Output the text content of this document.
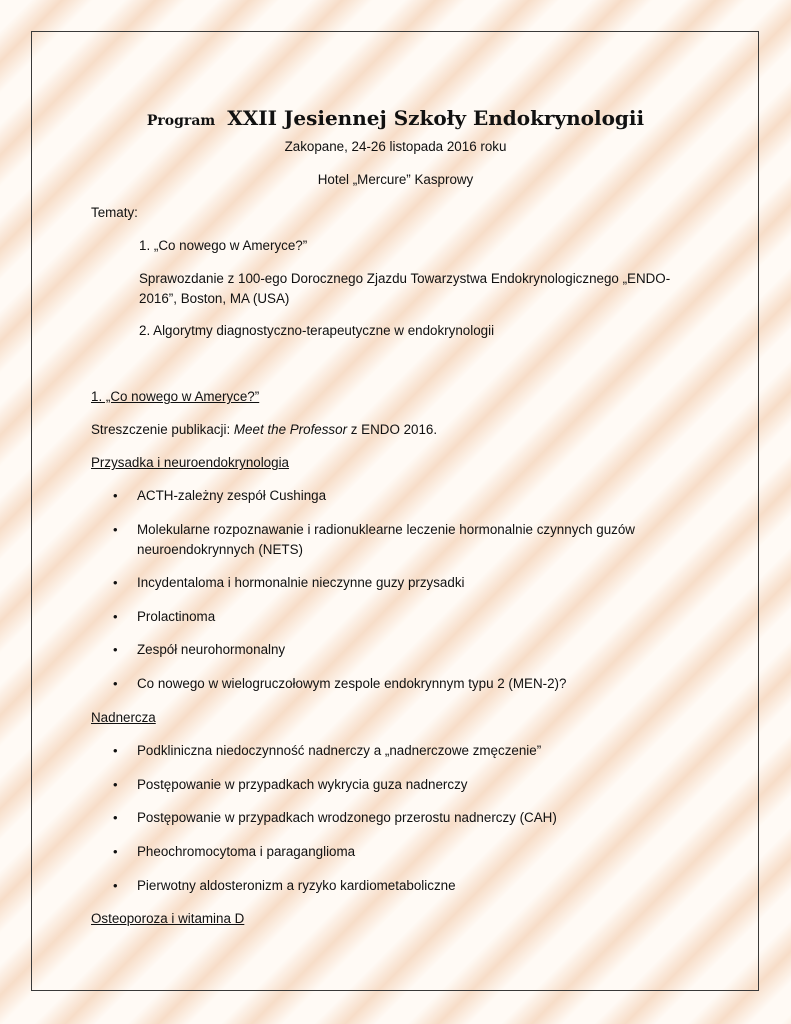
Program XXII Jesiennej Szkoły Endokrynologii
Zakopane, 24-26 listopada 2016 roku
Hotel „Mercure” Kasprowy
Tematy:
1. „Co nowego w Ameryce?”
Sprawozdanie z 100-ego Dorocznego Zjazdu Towarzystwa Endokrynologicznego „ENDO-2016”, Boston, MA (USA)
2. Algorytmy diagnostyczno-terapeutyczne w endokrynologii
1. „Co nowego w Ameryce?”
Streszczenie publikacji: Meet the Professor z ENDO 2016.
Przysadka i neuroendokrynologia
• ACTH-zależny zespół Cushinga
• Molekularne rozpoznawanie i radionuklearne leczenie hormonalnie czynnych guzów neuroendokrynnych (NETS)
• Incydentaloma i hormonalnie nieczynne guzy przysadki
• Prolactinoma
• Zespół neurohormonalny
• Co nowego w wielogruczołowym zespole endokrynnym typu 2 (MEN-2)?
Nadnercza
• Podkliniczna niedoczynność nadnerczy a „nadnerczowe zmęczenie”
• Postępowanie w przypadkach wykrycia guza nadnerczy
• Postępowanie w przypadkach wrodzonego przerostu nadnerczy (CAH)
• Pheochromocytoma i paraganglioma
• Pierwotny aldosteronizm a ryzyko kardiometaboliczne
Osteoporoza i witamina D
